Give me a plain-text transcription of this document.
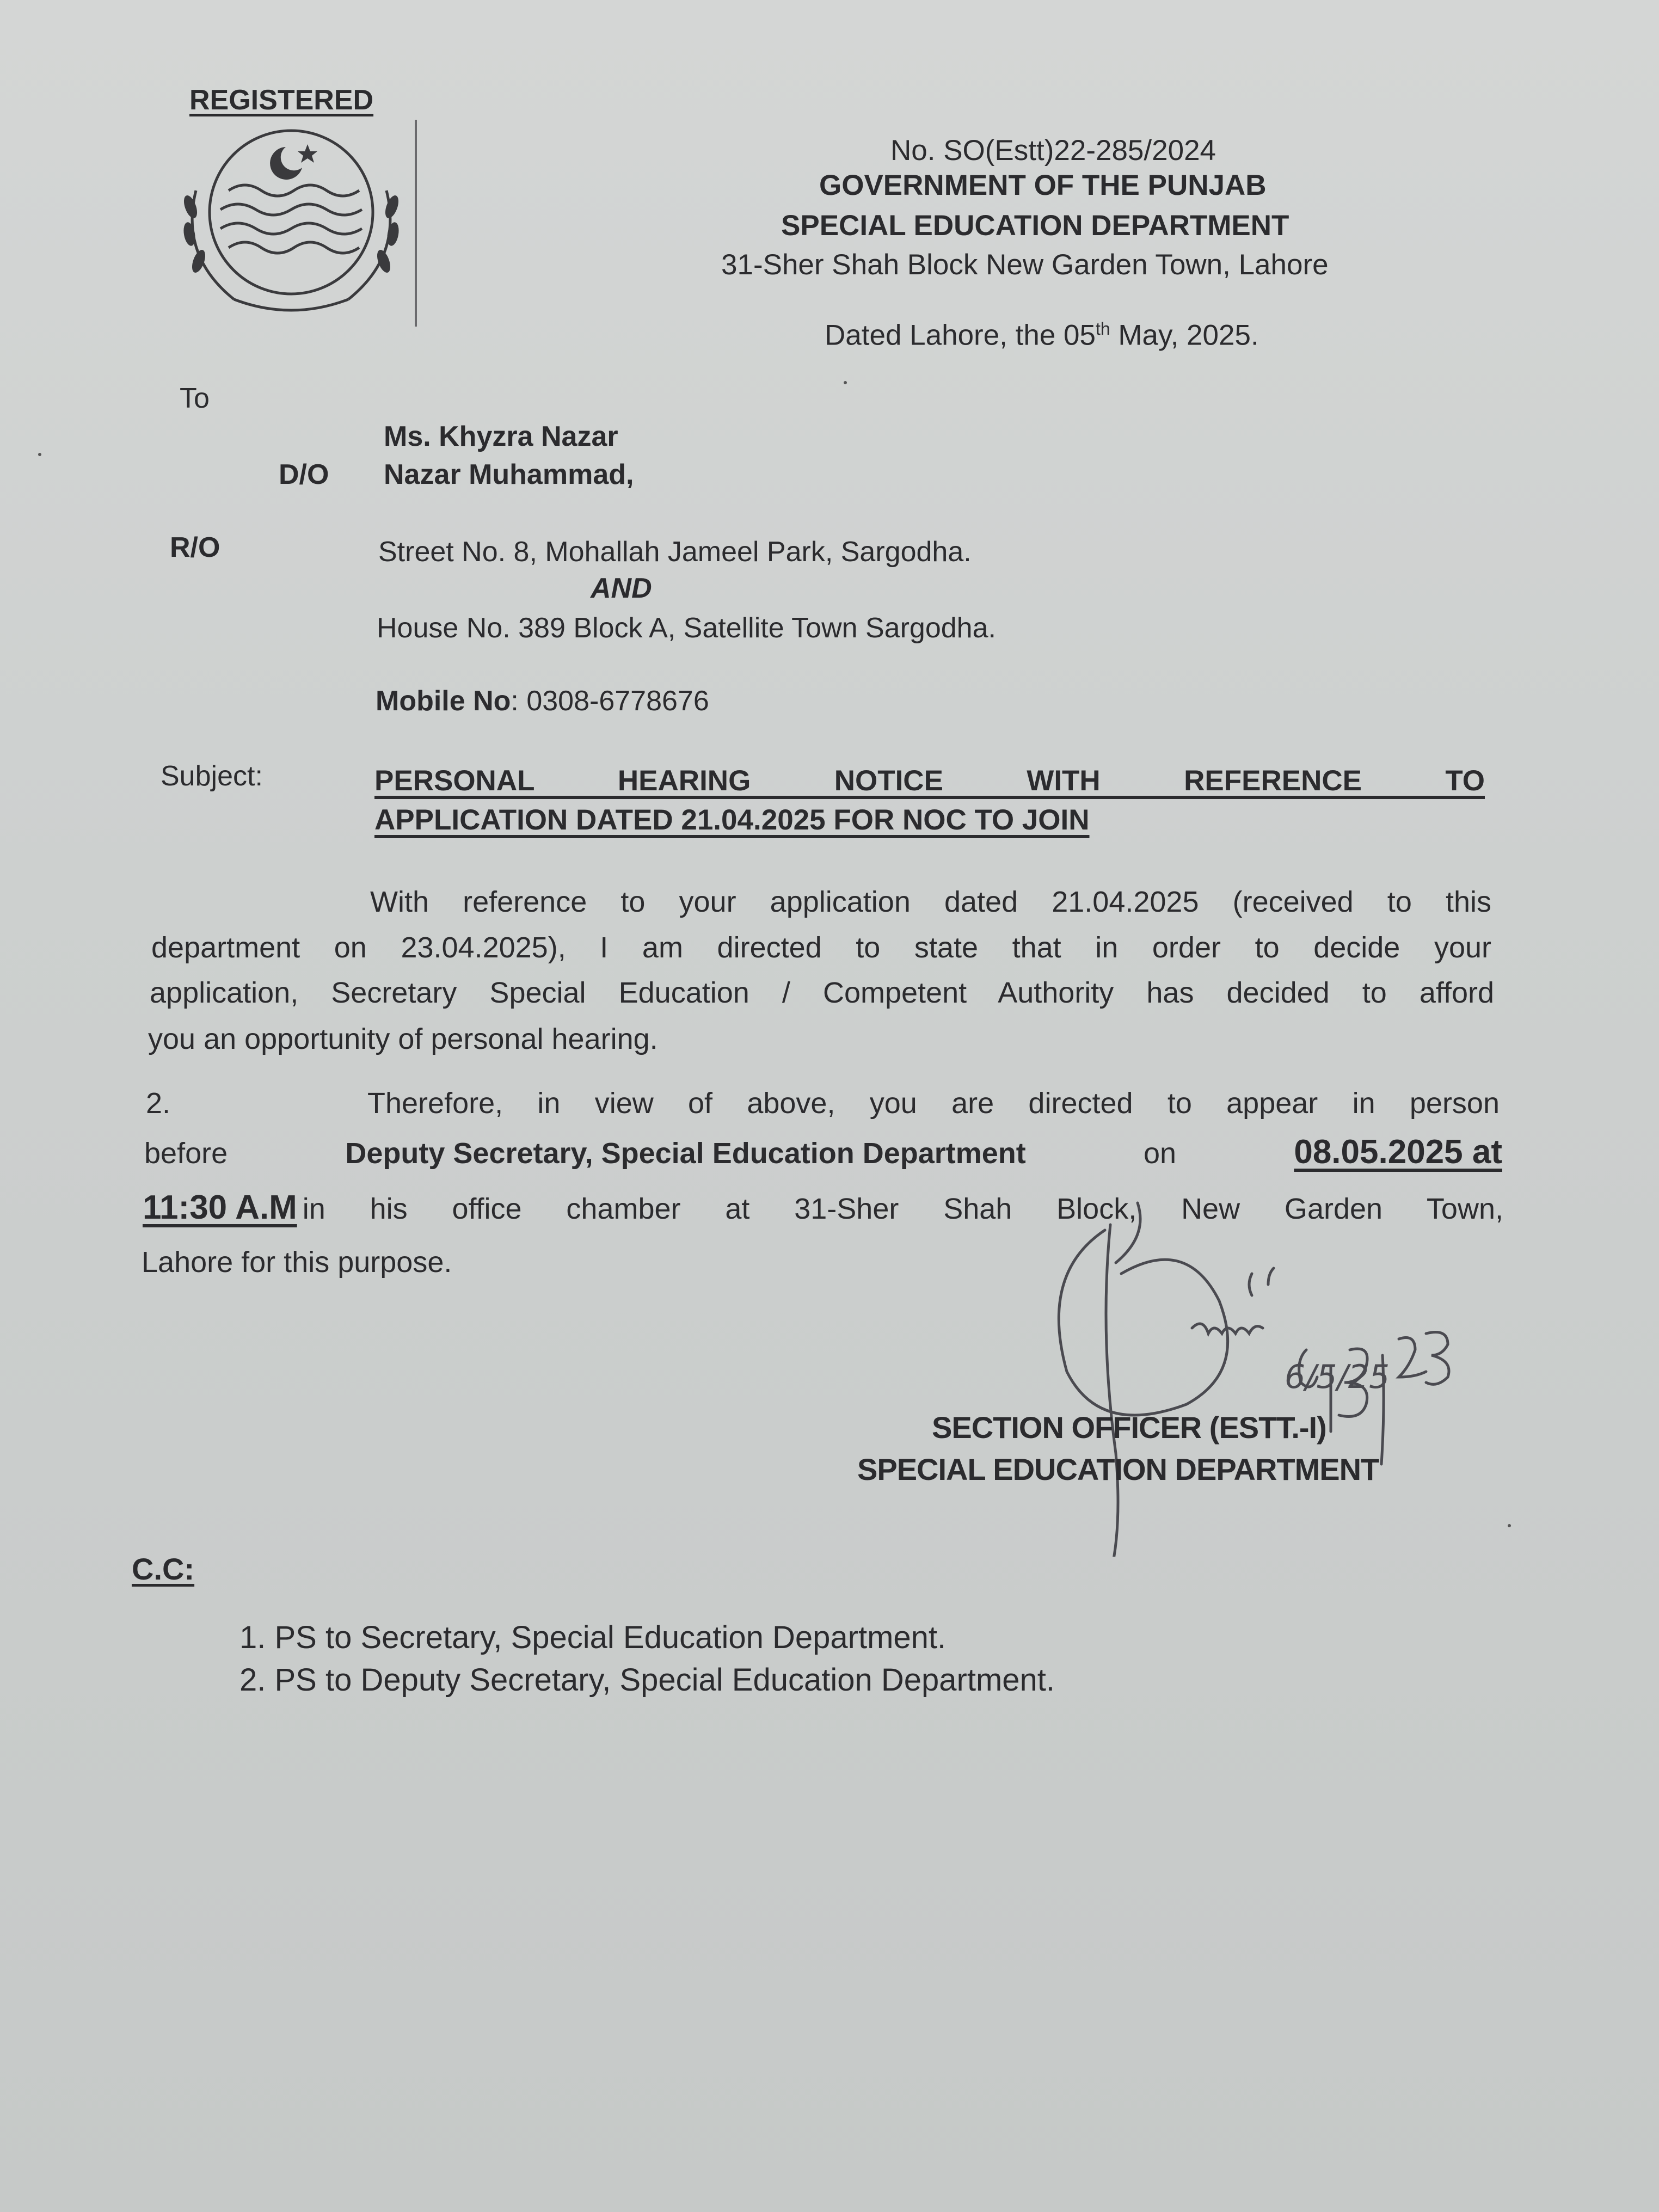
REGISTERED
No. SO(Estt)22-285/2024
GOVERNMENT OF THE PUNJAB
SPECIAL EDUCATION DEPARTMENT
31-Sher Shah Block New Garden Town, Lahore
Dated Lahore, the 05th May, 2025.
To
Ms. Khyzra Nazar
D/O Nazar Muhammad,
R/O	Street No. 8, Mohallah Jameel Park, Sargodha.
AND
House No. 389 Block A, Satellite Town Sargodha.
Mobile No: 0308-6778676
Subject:	PERSONAL HEARING NOTICE WITH REFERENCE TO
APPLICATION DATED 21.04.2025 FOR NOC TO JOIN
With reference to your application dated 21.04.2025 (received to this
department on 23.04.2025), I am directed to state that in order to decide your
application, Secretary Special Education / Competent Authority has decided to afford
you an opportunity of personal hearing.
2.	Therefore, in view of above, you are directed to appear in person
before	Deputy Secretary, Special Education Department	on	08.05.2025 at
11:30 A.M in his office chamber at 31-Sher Shah Block, New Garden Town,
Lahore for this purpose.
6/5/25
SECTION OFFICER (ESTT.-I)
SPECIAL EDUCATION DEPARTMENT
C.C:
1. PS to Secretary, Special Education Department.
2. PS to Deputy Secretary, Special Education Department.
